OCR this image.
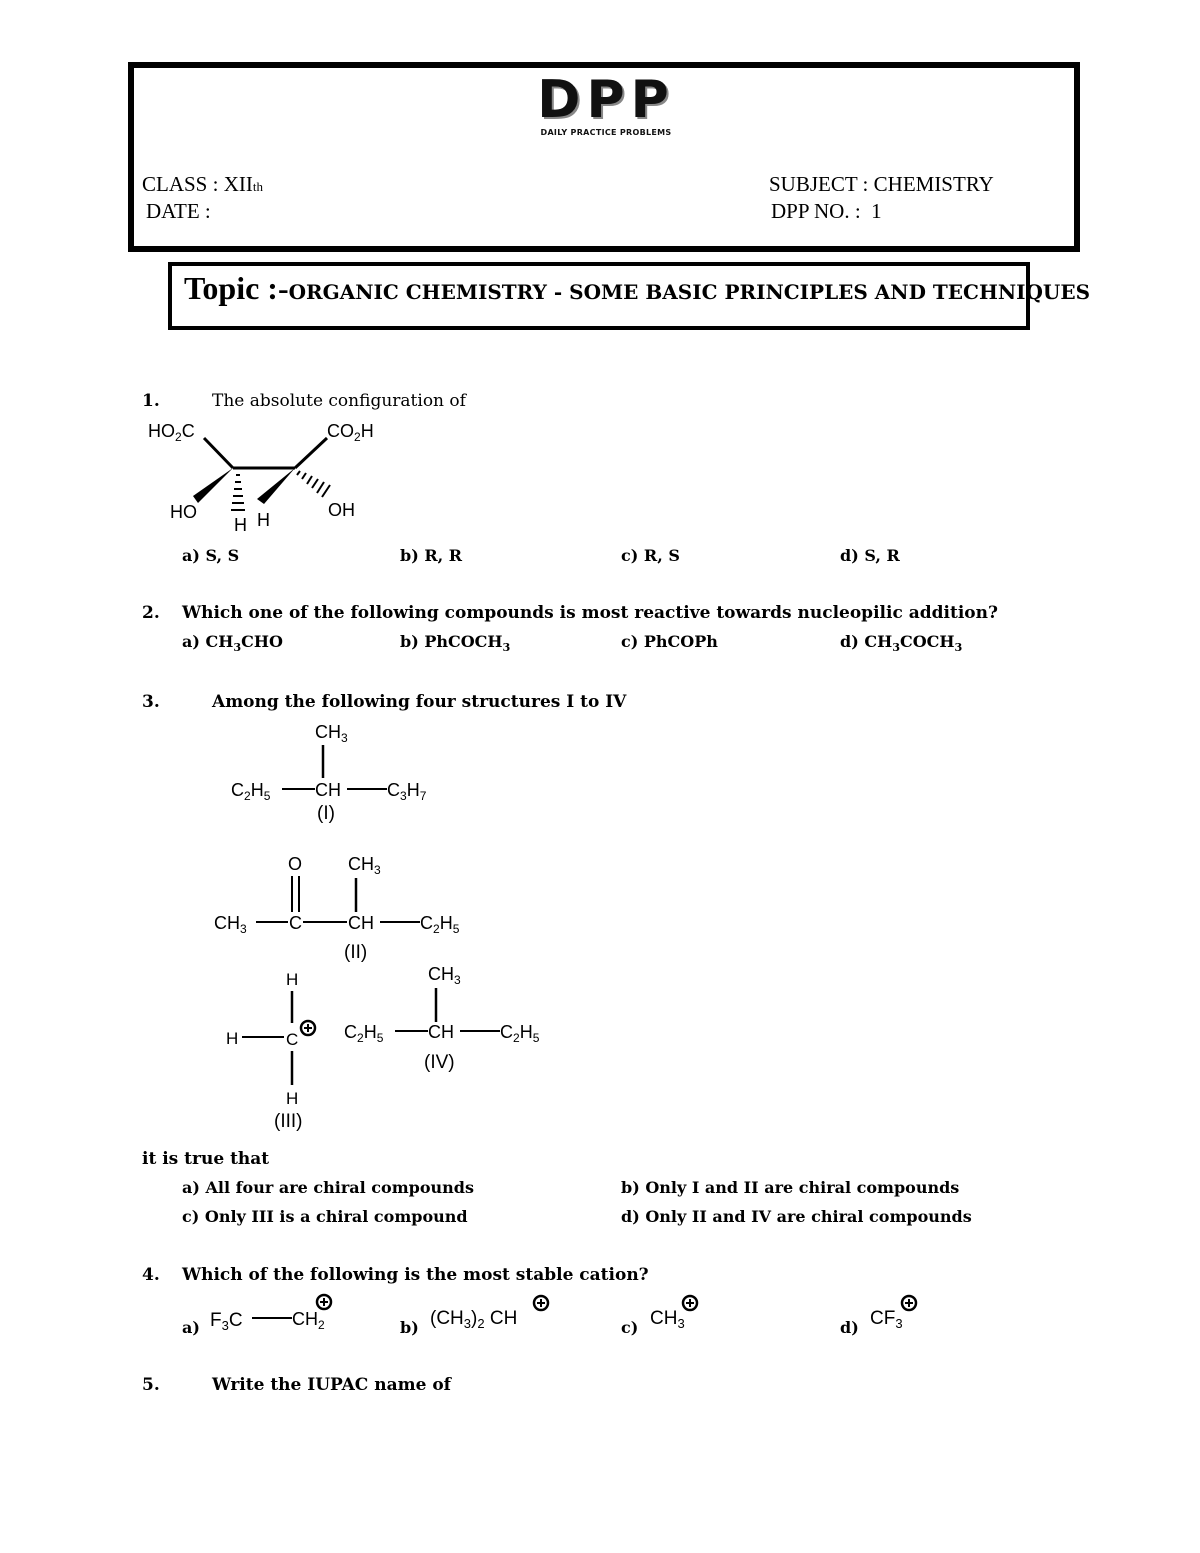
DPP
DAILY PRACTICE PROBLEMS
CLASS : XIIth
DATE :
SUBJECT : CHEMISTRY
DPP NO. :  1
Topic :-ORGANIC CHEMISTRY - SOME BASIC PRINCIPLES AND TECHNIQUES
1.	The absolute configuration of
$HO_2C$	$CO_2H$
HO
H H	OH
a) S, S	b) R, R	c) R, S	d) S, R
2. Which one of the following compounds is most reactive towards nucleopilic addition?
a) $CH_3CHO$	b) PhCOCH$_3$	c) PhCOPh	d) $CH_3COCH_3$
3.	Among the following four structures I to IV
$CH_3$
$C_2H_5$ CH	$C_3H_7$
(I)
O	$CH_3$
$CH_3$ C	CH	$C_2H_5$
(II)
H
H	C
H
(III)
$CH_3$
$C_2H_5$ CH	$C_2H_5$
(IV)
it is true that
a) All four are chiral compounds	b) Only I and II are chiral compounds
c) Only III is a chiral compound	d) Only II and IV are chiral compounds
4. Which of the following is the most stable cation?
a) $F_3C$	$CH_2$	b) $(CH_3)_2$ CH	c) $CH_3$	d) $CF_3$
5.	Write the IUPAC name of
